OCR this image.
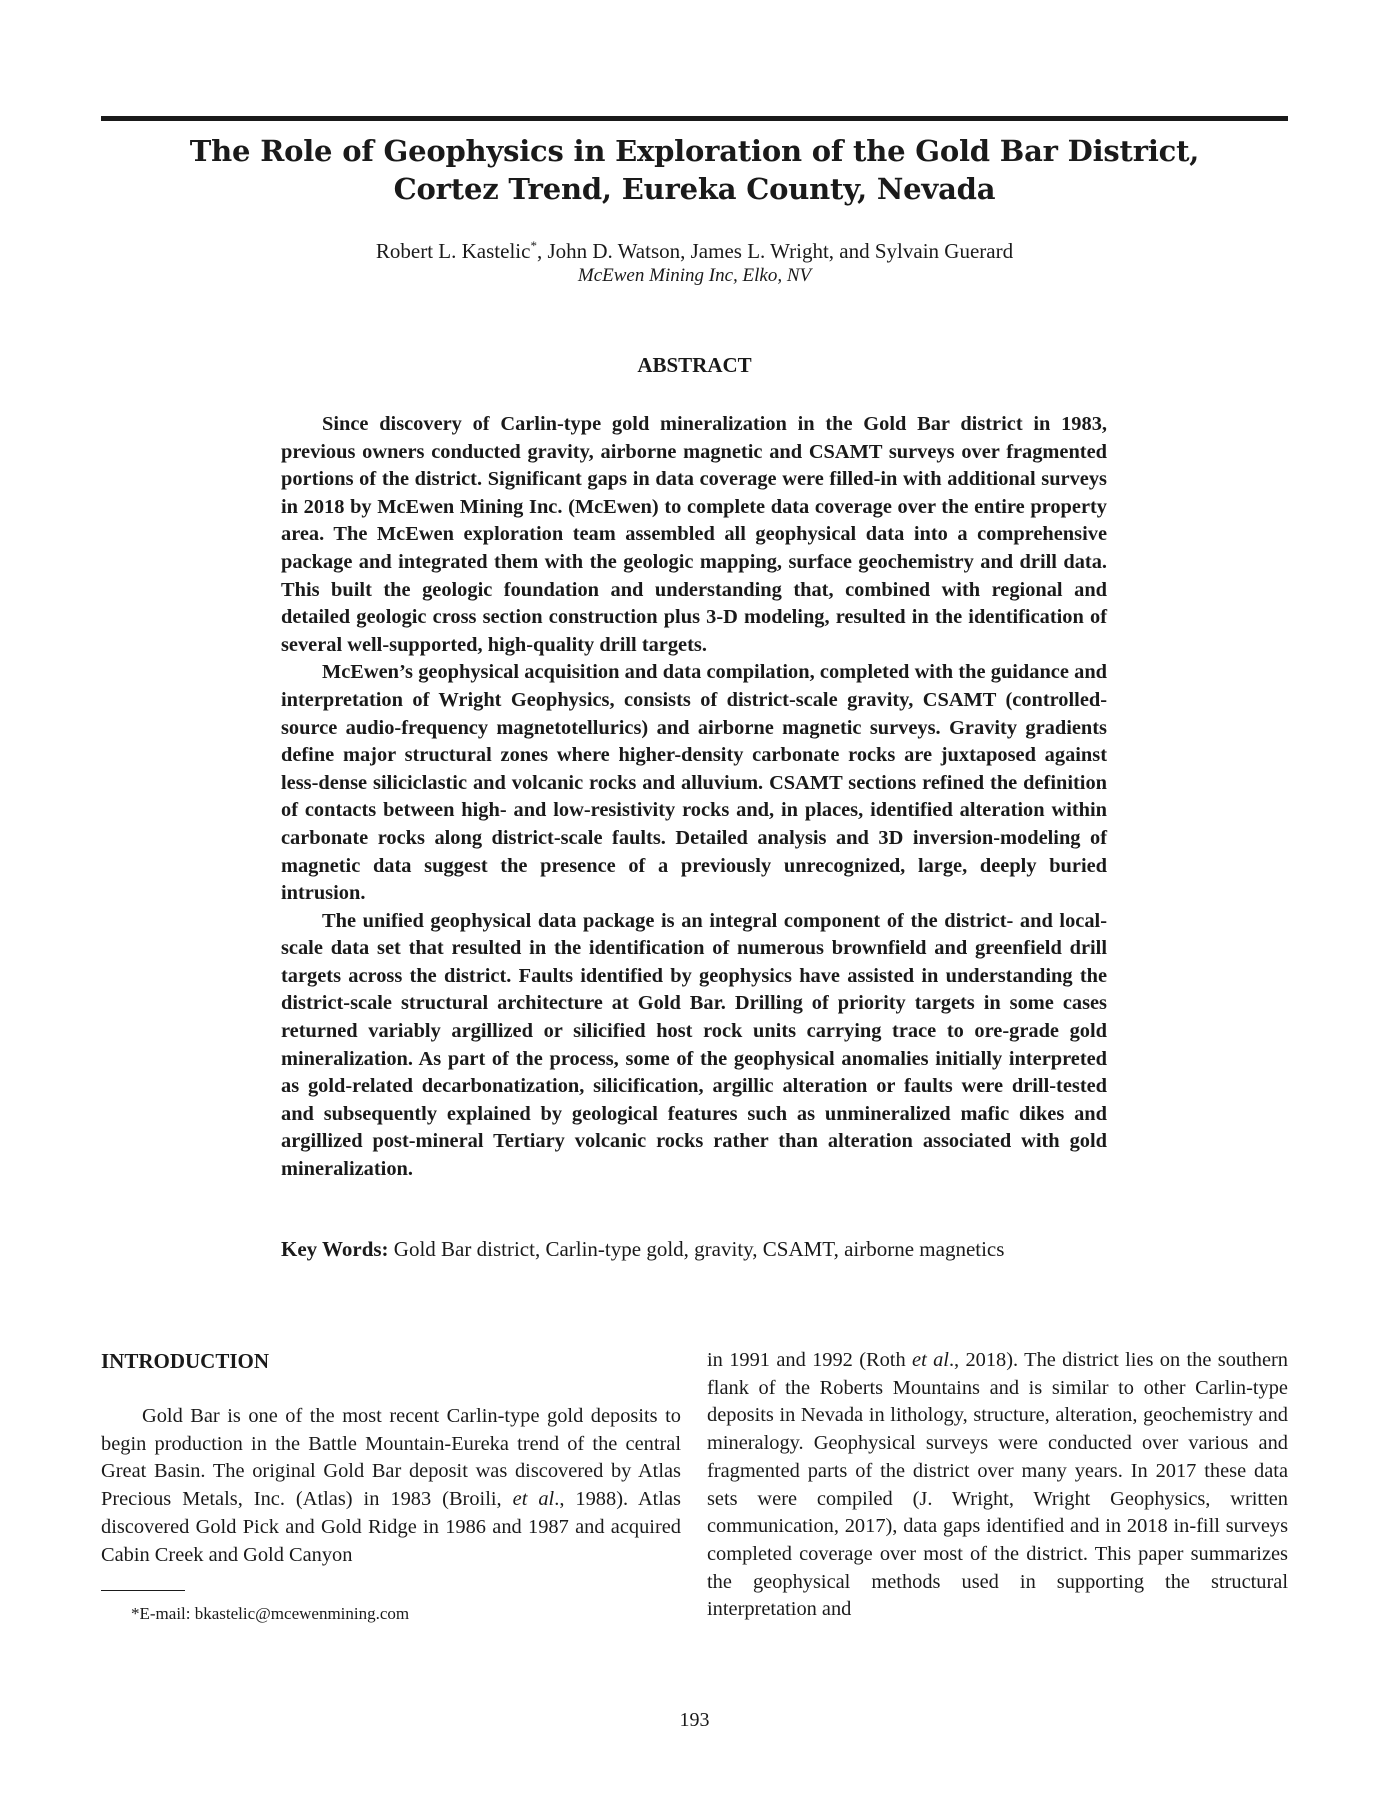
The Role of Geophysics in Exploration of the Gold Bar District,
Cortez Trend, Eureka County, Nevada
Robert L. Kastelic*, John D. Watson, James L. Wright, and Sylvain Guerard
McEwen Mining Inc, Elko, NV
ABSTRACT

Since discovery of Carlin-type gold mineralization in the Gold Bar district in 1983, previous owners conducted gravity, airborne magnetic and CSAMT surveys over fragmented portions of the district. Significant gaps in data coverage were filled-in with additional surveys in 2018 by McEwen Mining Inc. (McEwen) to complete data coverage over the entire property area. The McEwen exploration team assembled all geophysical data into a comprehensive package and integrated them with the geologic mapping, surface geochemistry and drill data. This built the geologic foundation and understanding that, combined with regional and detailed geologic cross section construction plus 3-D modeling, resulted in the identification of several well-supported, high-quality drill targets.

McEwen’s geophysical acquisition and data compilation, completed with the guidance and interpretation of Wright Geophysics, consists of district-scale gravity, CSAMT (controlled-source audio-frequency magnetotellurics) and airborne magnetic surveys. Gravity gradients define major structural zones where higher-density carbonate rocks are juxtaposed against less-dense siliciclastic and volcanic rocks and alluvium. CSAMT sections refined the definition of contacts between high- and low-resistivity rocks and, in places, identified alteration within carbonate rocks along district-scale faults. Detailed analysis and 3D inversion-modeling of magnetic data suggest the presence of a previously unrecognized, large, deeply buried intrusion.

The unified geophysical data package is an integral component of the district- and local-scale data set that resulted in the identification of numerous brownfield and greenfield drill targets across the district. Faults identified by geophysics have assisted in understanding the district-scale structural architecture at Gold Bar. Drilling of priority targets in some cases returned variably argillized or silicified host rock units carrying trace to ore-grade gold mineralization. As part of the process, some of the geophysical anomalies initially interpreted as gold-related decarbonatization, silicification, argillic alteration or faults were drill-tested and subsequently explained by geological features such as unmineralized mafic dikes and argillized post-mineral Tertiary volcanic rocks rather than alteration associated with gold mineralization.

Key Words: Gold Bar district, Carlin-type gold, gravity, CSAMT, airborne magnetics
INTRODUCTION

Gold Bar is one of the most recent Carlin-type gold deposits to begin production in the Battle Mountain-Eureka trend of the central Great Basin. The original Gold Bar deposit was discovered by Atlas Precious Metals, Inc. (Atlas) in 1983 (Broili, et al., 1988). Atlas discovered Gold Pick and Gold Ridge in 1986 and 1987 and acquired Cabin Creek and Gold Canyon

in 1991 and 1992 (Roth et al., 2018). The district lies on the southern flank of the Roberts Mountains and is similar to other Carlin-type deposits in Nevada in lithology, structure, alteration, geochemistry and mineralogy. Geophysical surveys were conducted over various and fragmented parts of the district over many years. In 2017 these data sets were compiled (J. Wright, Wright Geophysics, written communication, 2017), data gaps identified and in 2018 in-fill surveys completed coverage over most of the district. This paper summarizes the geophysical methods used in supporting the structural interpretation and

*E-mail: bkastelic@mcewenmining.com
193
